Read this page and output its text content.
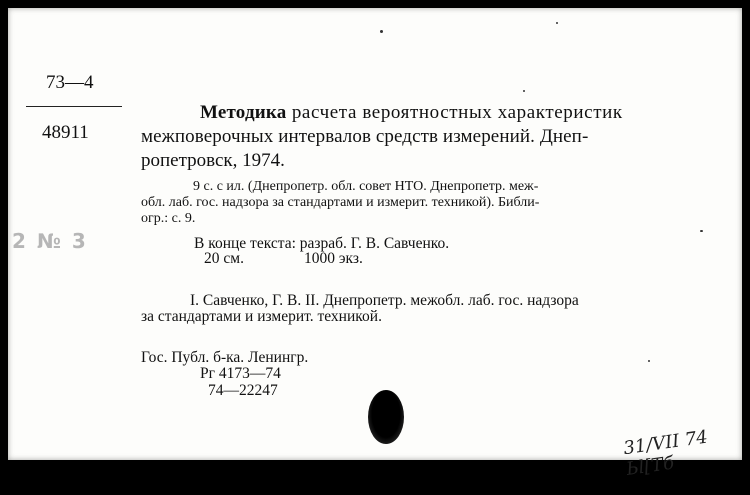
73—4
48911
Методика расчета вероятностных характеристик
межповерочных интервалов средств измерений. Днеп-
ропетровск, 1974.
9 с. с ил. (Днепропетр. обл. совет НТО. Днепропетр. меж-
обл. лаб. гос. надзора за стандартами и измерит. техникой). Библи-
огр.: с. 9.
В конце текста: разраб. Г. В. Савченко.
20 см.	1000 экз.
I. Савченко, Г. В. II. Днепропетр. межобл. лаб. гос. надзора
за стандартами и измерит. техникой.
Гос. Публ. б-ка. Ленингр.
Рг 4173—74
74—22247
2 № 3
31/VII 74 Ьl[Тб
